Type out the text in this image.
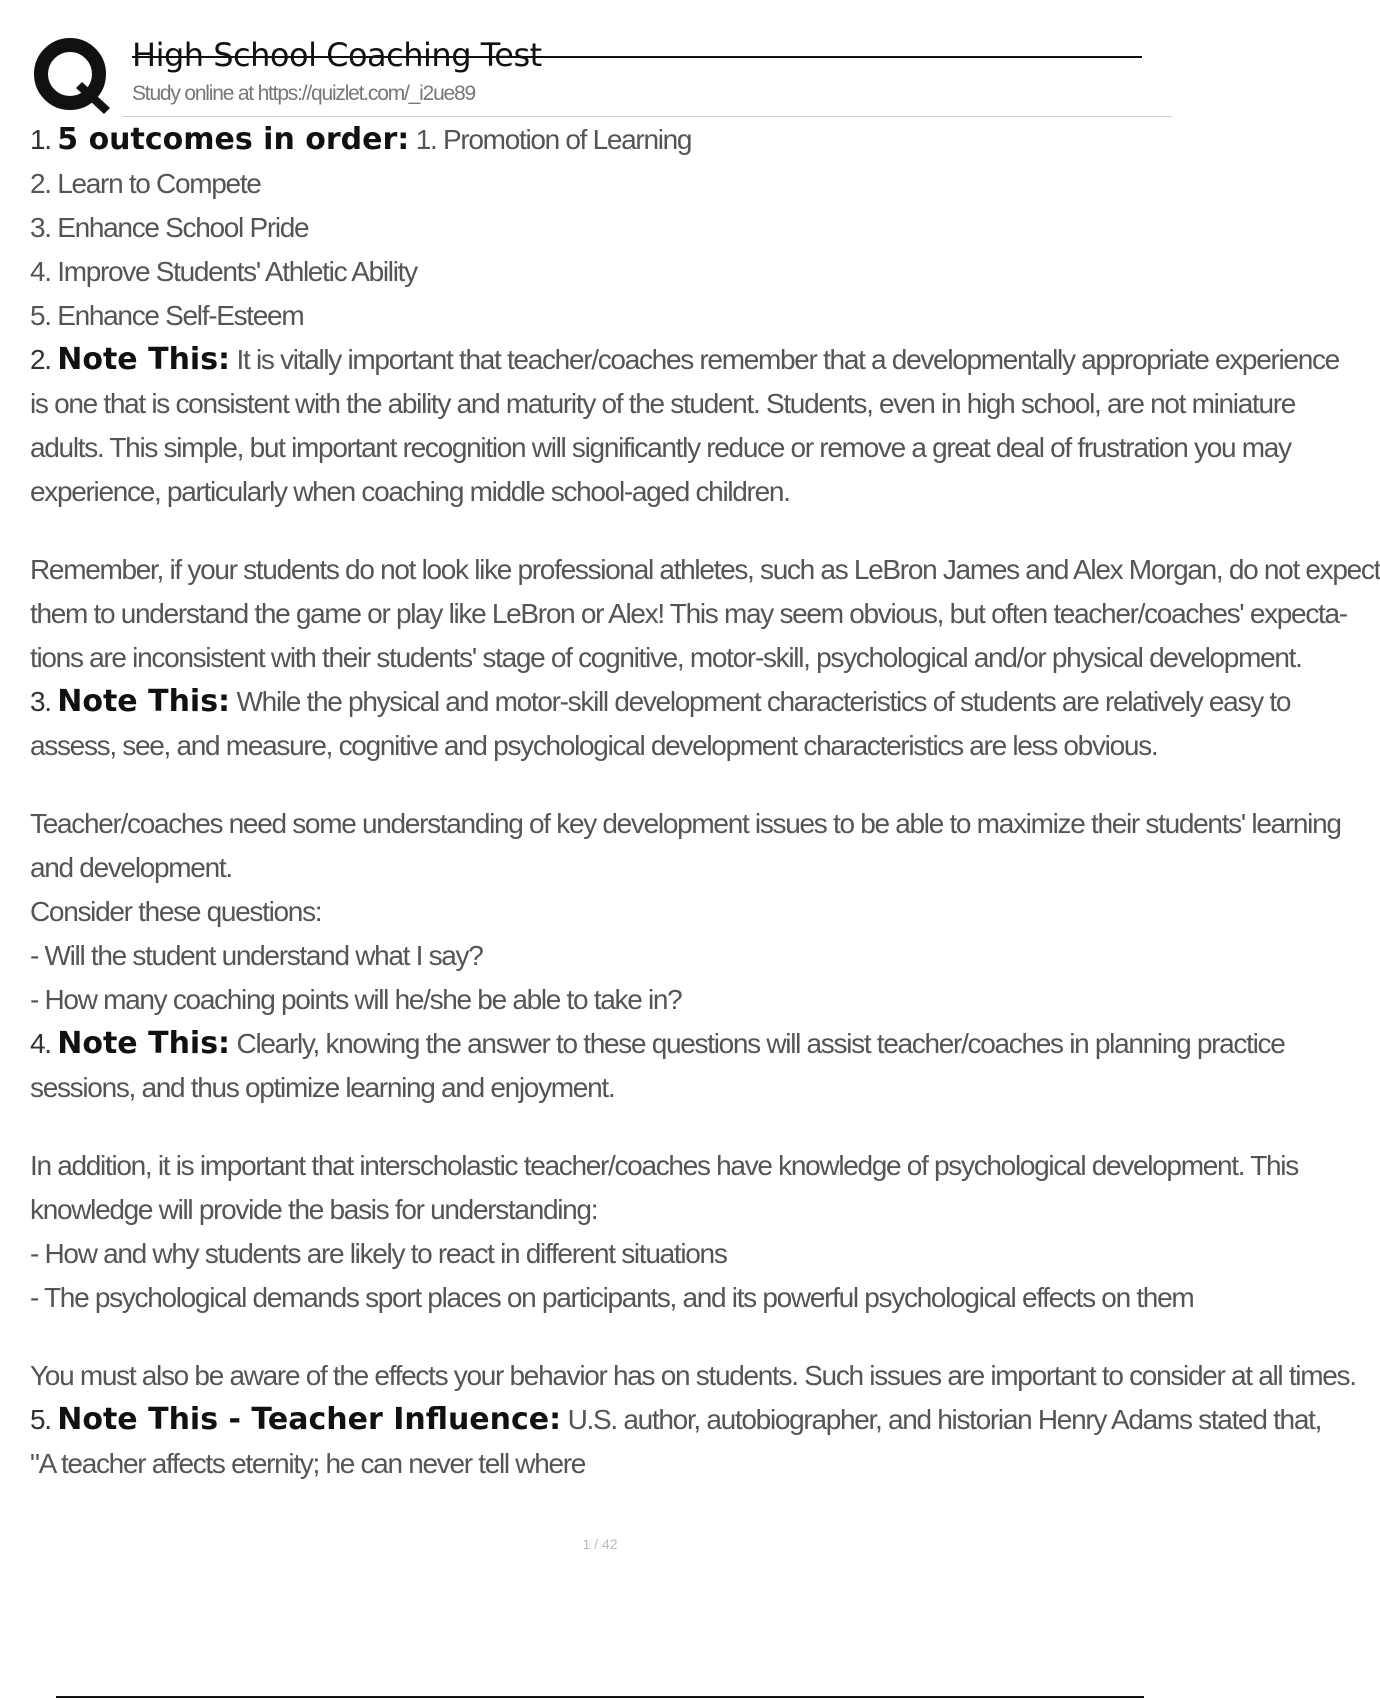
High School Coaching Test
Study online at https://quizlet.com/_i2ue89
1. 5 outcomes in order: 1. Promotion of Learning
2. Learn to Compete
3. Enhance School Pride
4. Improve Students' Athletic Ability
5. Enhance Self-Esteem
2. Note This: It is vitally important that teacher/coaches remember that a developmentally appropriate experience
is one that is consistent with the ability and maturity of the student. Students, even in high school, are not miniature
adults. This simple, but important recognition will significantly reduce or remove a great deal of frustration you may
experience, particularly when coaching middle school-aged children.
Remember, if your students do not look like professional athletes, such as LeBron James and Alex Morgan, do not expect
them to understand the game or play like LeBron or Alex! This may seem obvious, but often teacher/coaches' expecta-
tions are inconsistent with their students' stage of cognitive, motor-skill, psychological and/or physical development.
3. Note This: While the physical and motor-skill development characteristics of students are relatively easy to
assess, see, and measure, cognitive and psychological development characteristics are less obvious.
Teacher/coaches need some understanding of key development issues to be able to maximize their students' learning
and development.
Consider these questions:
- Will the student understand what I say?
- How many coaching points will he/she be able to take in?
4. Note This: Clearly, knowing the answer to these questions will assist teacher/coaches in planning practice
sessions, and thus optimize learning and enjoyment.
In addition, it is important that interscholastic teacher/coaches have knowledge of psychological development. This
knowledge will provide the basis for understanding:
- How and why students are likely to react in different situations
- The psychological demands sport places on participants, and its powerful psychological effects on them
You must also be aware of the effects your behavior has on students. Such issues are important to consider at all times.
5. Note This - Teacher Influence: U.S. author, autobiographer, and historian Henry Adams stated that,
"A teacher affects eternity; he can never tell where
1 / 42
